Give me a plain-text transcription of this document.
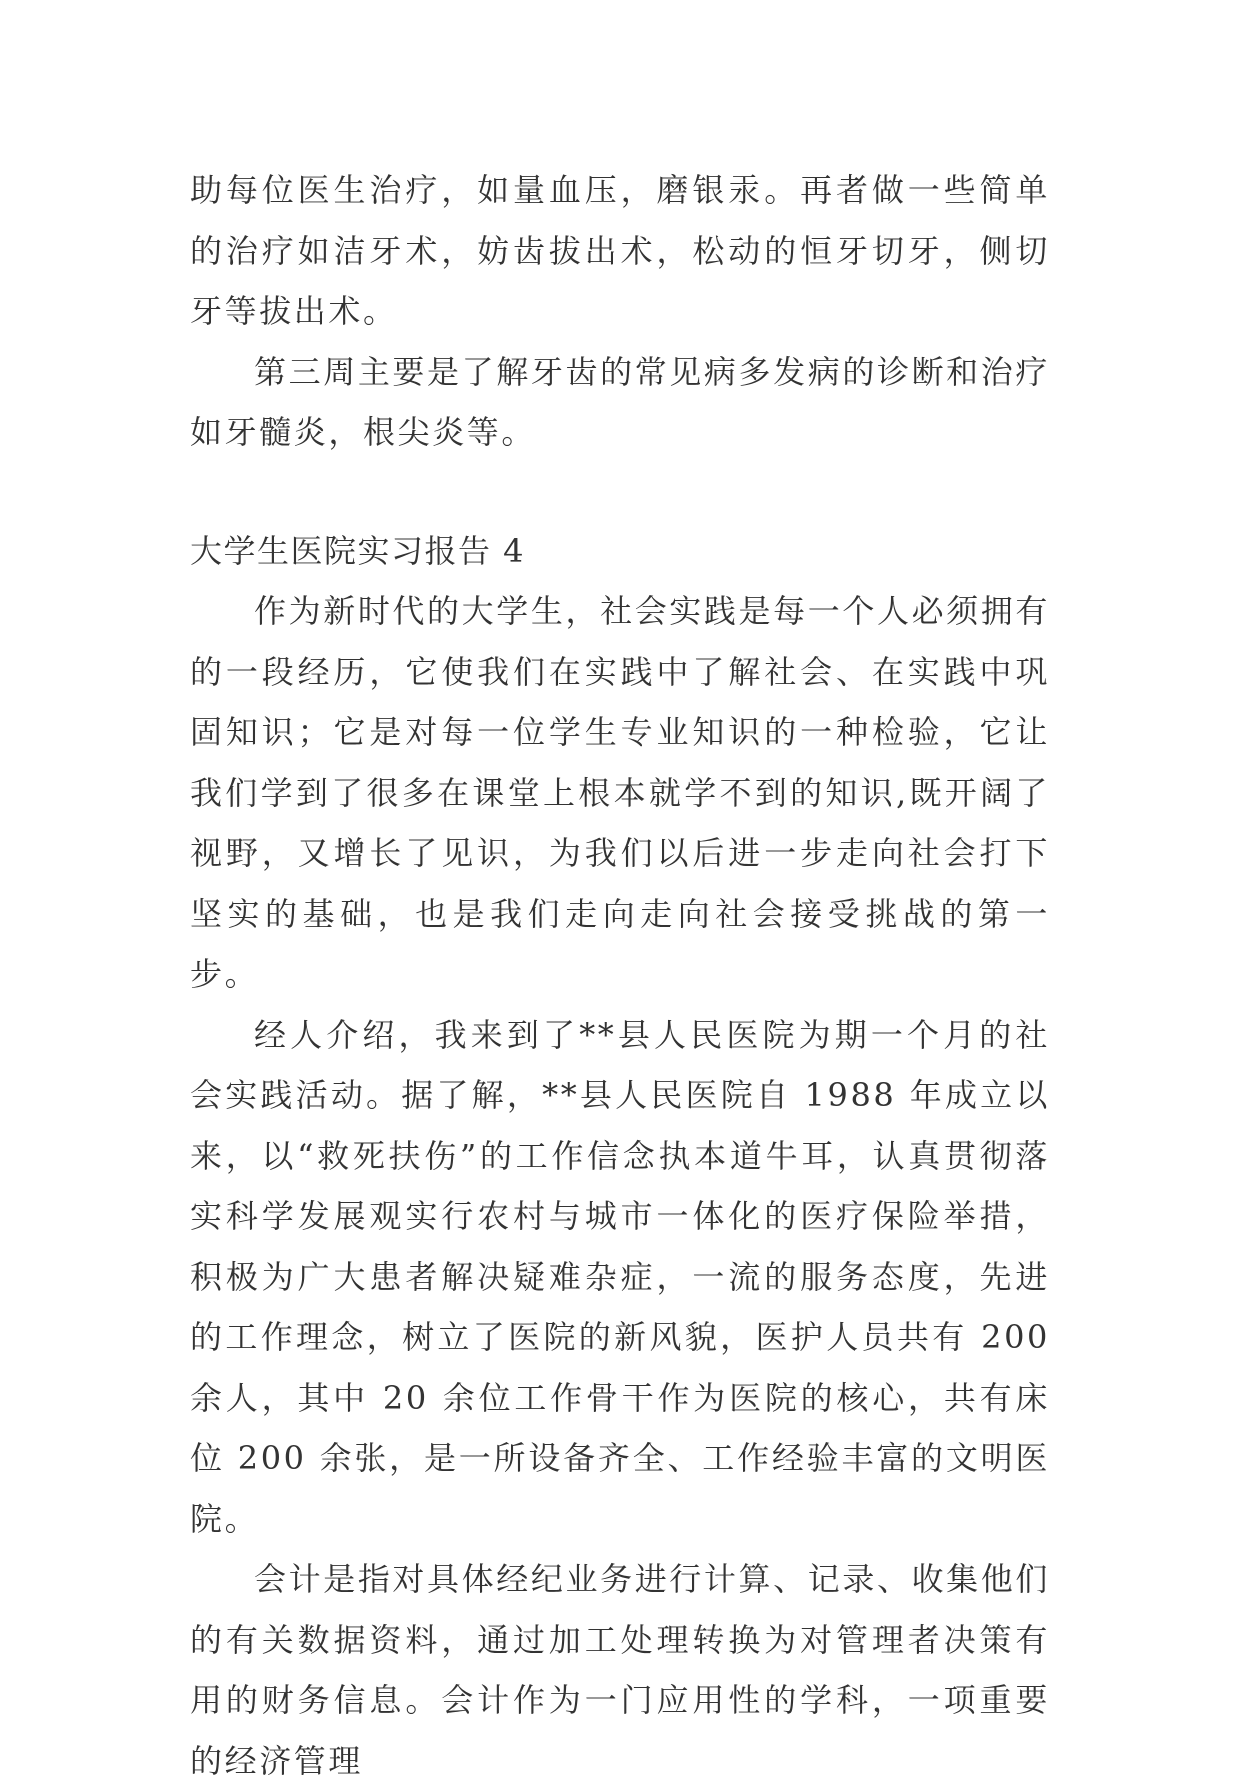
助每位医生治疗，如量血压，磨银汞。再者做一些简单的治疗如洁牙术，妨齿拔出术，松动的恒牙切牙，侧切牙等拔出术。

第三周主要是了解牙齿的常见病多发病的诊断和治疗如牙髓炎，根尖炎等。

大学生医院实习报告 4

作为新时代的大学生，社会实践是每一个人必须拥有的一段经历，它使我们在实践中了解社会、在实践中巩固知识；它是对每一位学生专业知识的一种检验，它让我们学到了很多在课堂上根本就学不到的知识,既开阔了视野，又增长了见识，为我们以后进一步走向社会打下坚实的基础，也是我们走向走向社会接受挑战的第一步。

经人介绍，我来到了**县人民医院为期一个月的社会实践活动。据了解，**县人民医院自 1988 年成立以来，以“救死扶伤”的工作信念执本道牛耳，认真贯彻落实科学发展观实行农村与城市一体化的医疗保险举措，积极为广大患者解决疑难杂症，一流的服务态度，先进的工作理念，树立了医院的新风貌，医护人员共有 200 余人，其中 20 余位工作骨干作为医院的核心，共有床位 200 余张，是一所设备齐全、工作经验丰富的文明医院。

会计是指对具体经纪业务进行计算、记录、收集他们的有关数据资料，通过加工处理转换为对管理者决策有用的财务信息。会计作为一门应用性的学科，一项重要的经济管理
